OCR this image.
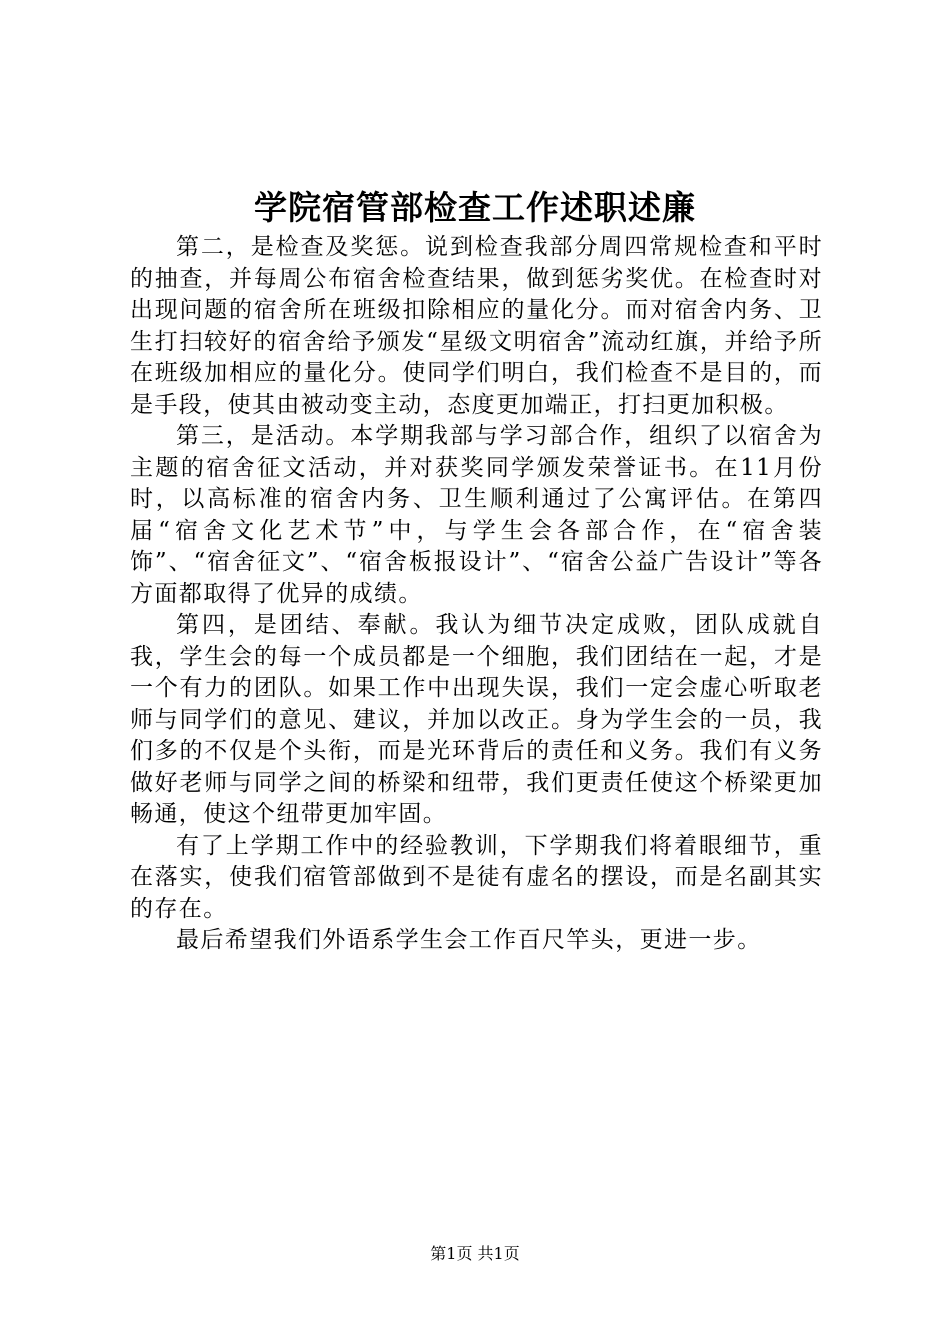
学院宿管部检查工作述职述廉

第二，是检查及奖惩。说到检查我部分周四常规检查和平时的抽查，并每周公布宿舍检查结果，做到惩劣奖优。在检查时对出现问题的宿舍所在班级扣除相应的量化分。而对宿舍内务、卫生打扫较好的宿舍给予颁发“星级文明宿舍”流动红旗，并给予所在班级加相应的量化分。使同学们明白，我们检查不是目的，而是手段，使其由被动变主动，态度更加端正，打扫更加积极。

第三，是活动。本学期我部与学习部合作，组织了以宿舍为主题的宿舍征文活动，并对获奖同学颁发荣誉证书。在11月份时，以高标准的宿舍内务、卫生顺利通过了公寓评估。在第四届“宿舍文化艺术节”中，与学生会各部合作，在“宿舍装饰”、“宿舍征文”、“宿舍板报设计”、“宿舍公益广告设计”等各方面都取得了优异的成绩。

第四，是团结、奉献。我认为细节决定成败，团队成就自我，学生会的每一个成员都是一个细胞，我们团结在一起，才是一个有力的团队。如果工作中出现失误，我们一定会虚心听取老师与同学们的意见、建议，并加以改正。身为学生会的一员，我们多的不仅是个头衔，而是光环背后的责任和义务。我们有义务做好老师与同学之间的桥梁和纽带，我们更责任使这个桥梁更加畅通，使这个纽带更加牢固。

有了上学期工作中的经验教训，下学期我们将着眼细节，重在落实，使我们宿管部做到不是徒有虚名的摆设，而是名副其实的存在。

最后希望我们外语系学生会工作百尺竿头，更进一步。

第1页 共1页
